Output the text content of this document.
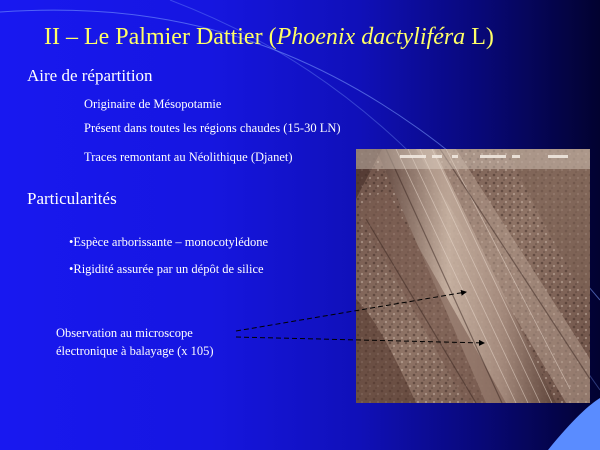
II – Le Palmier Dattier (Phoenix dactyliféra L)
Aire de répartition
Originaire de Mésopotamie
Présent dans toutes les régions chaudes (15-30 LN)
Traces remontant au Néolithique (Djanet)
Particularités
•Espèce arborissante – monocotylédone
•Rigidité assurée par un dépôt de silice
Observation au microscope
électronique à balayage (x 105)
